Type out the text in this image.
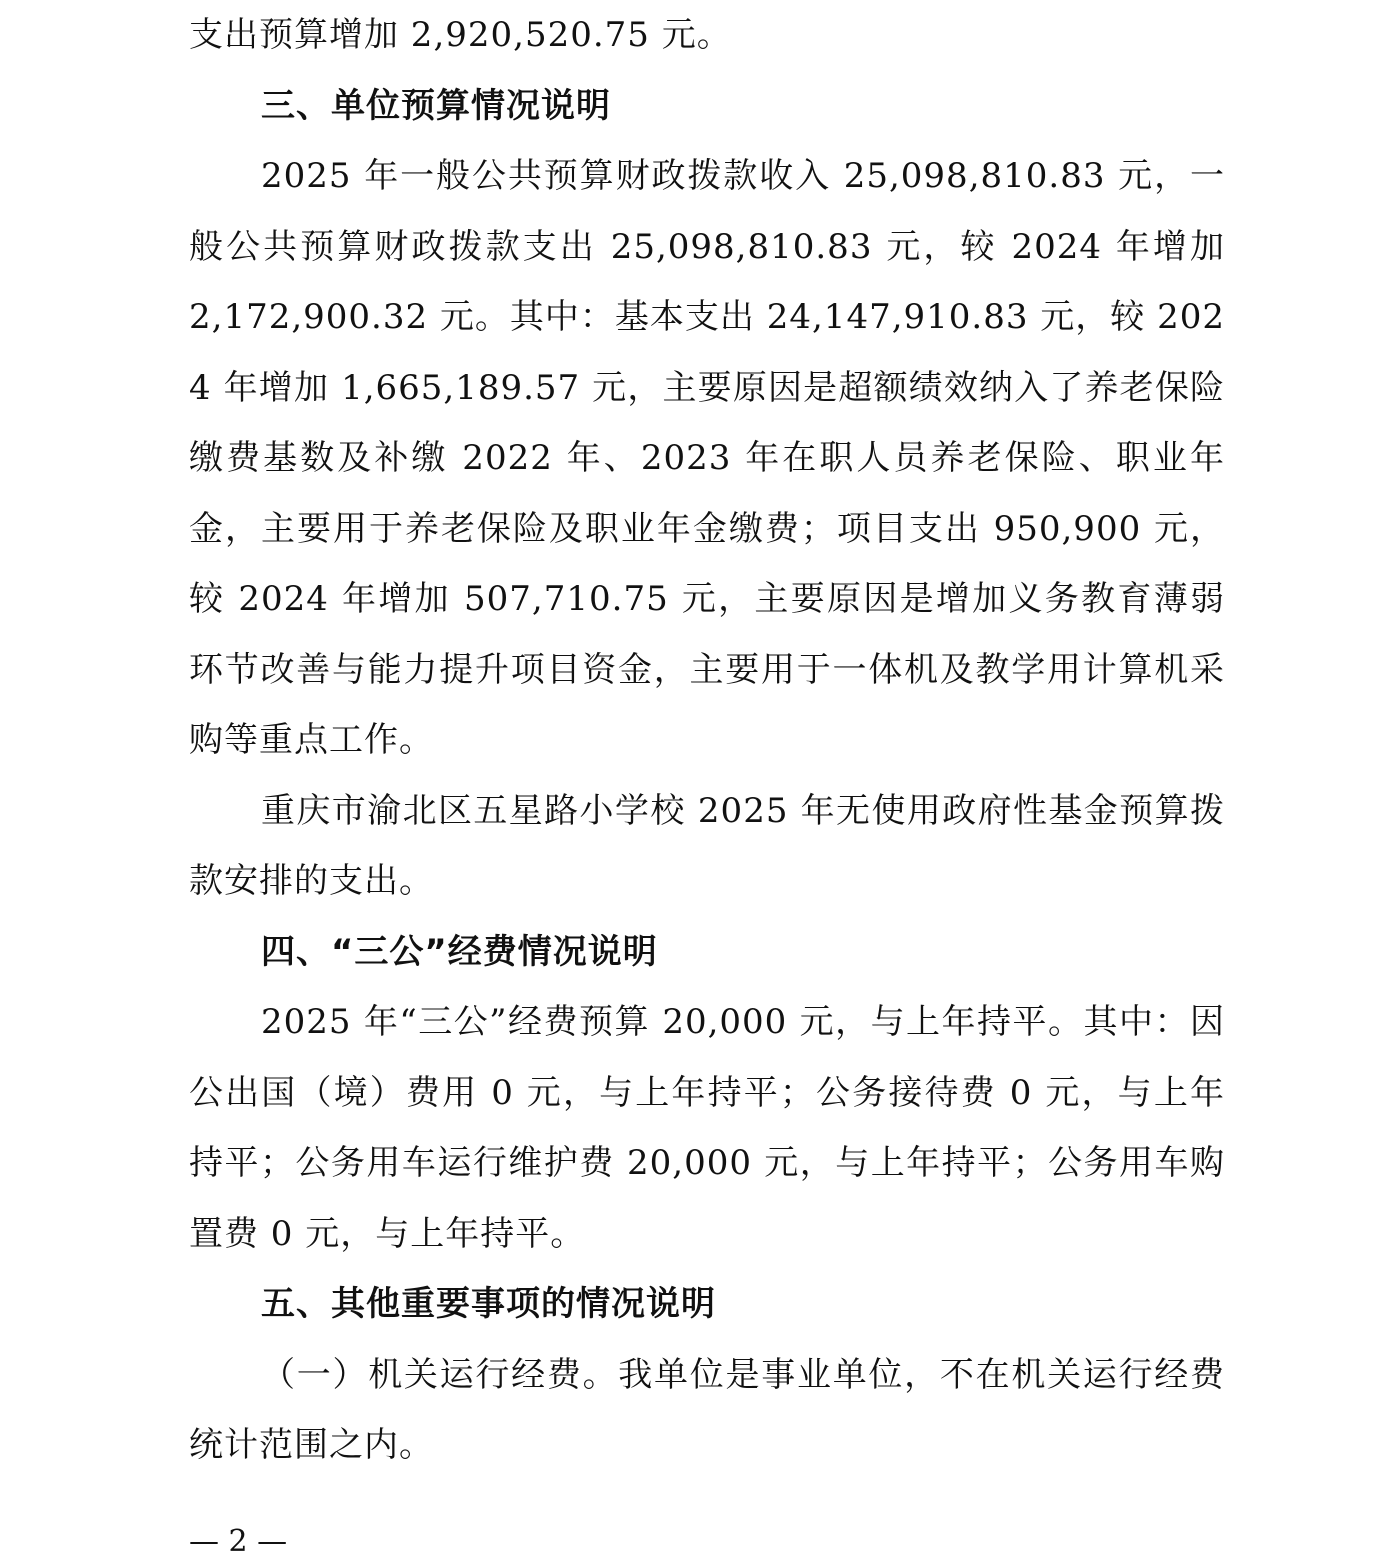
支出预算增加 2,920,520.75 元。

三、单位预算情况说明

2025 年一般公共预算财政拨款收入 25,098,810.83 元，一般公共预算财政拨款支出 25,098,810.83 元，较 2024 年增加 2,172,900.32 元。其中：基本支出 24,147,910.83 元，较 2024 年增加 1,665,189.57 元，主要原因是超额绩效纳入了养老保险缴费基数及补缴 2022 年、2023 年在职人员养老保险、职业年金，主要用于养老保险及职业年金缴费；项目支出 950,900 元，较 2024 年增加 507,710.75 元，主要原因是增加义务教育薄弱环节改善与能力提升项目资金，主要用于一体机及教学用计算机采购等重点工作。

重庆市渝北区五星路小学校 2025 年无使用政府性基金预算拨款安排的支出。

四、“三公”经费情况说明

2025 年“三公”经费预算 20,000 元，与上年持平。其中：因公出国（境）费用 0 元，与上年持平；公务接待费 0 元，与上年持平；公务用车运行维护费 20,000 元，与上年持平；公务用车购置费 0 元，与上年持平。

五、其他重要事项的情况说明

（一）机关运行经费。我单位是事业单位，不在机关运行经费统计范围之内。

— 2 —
